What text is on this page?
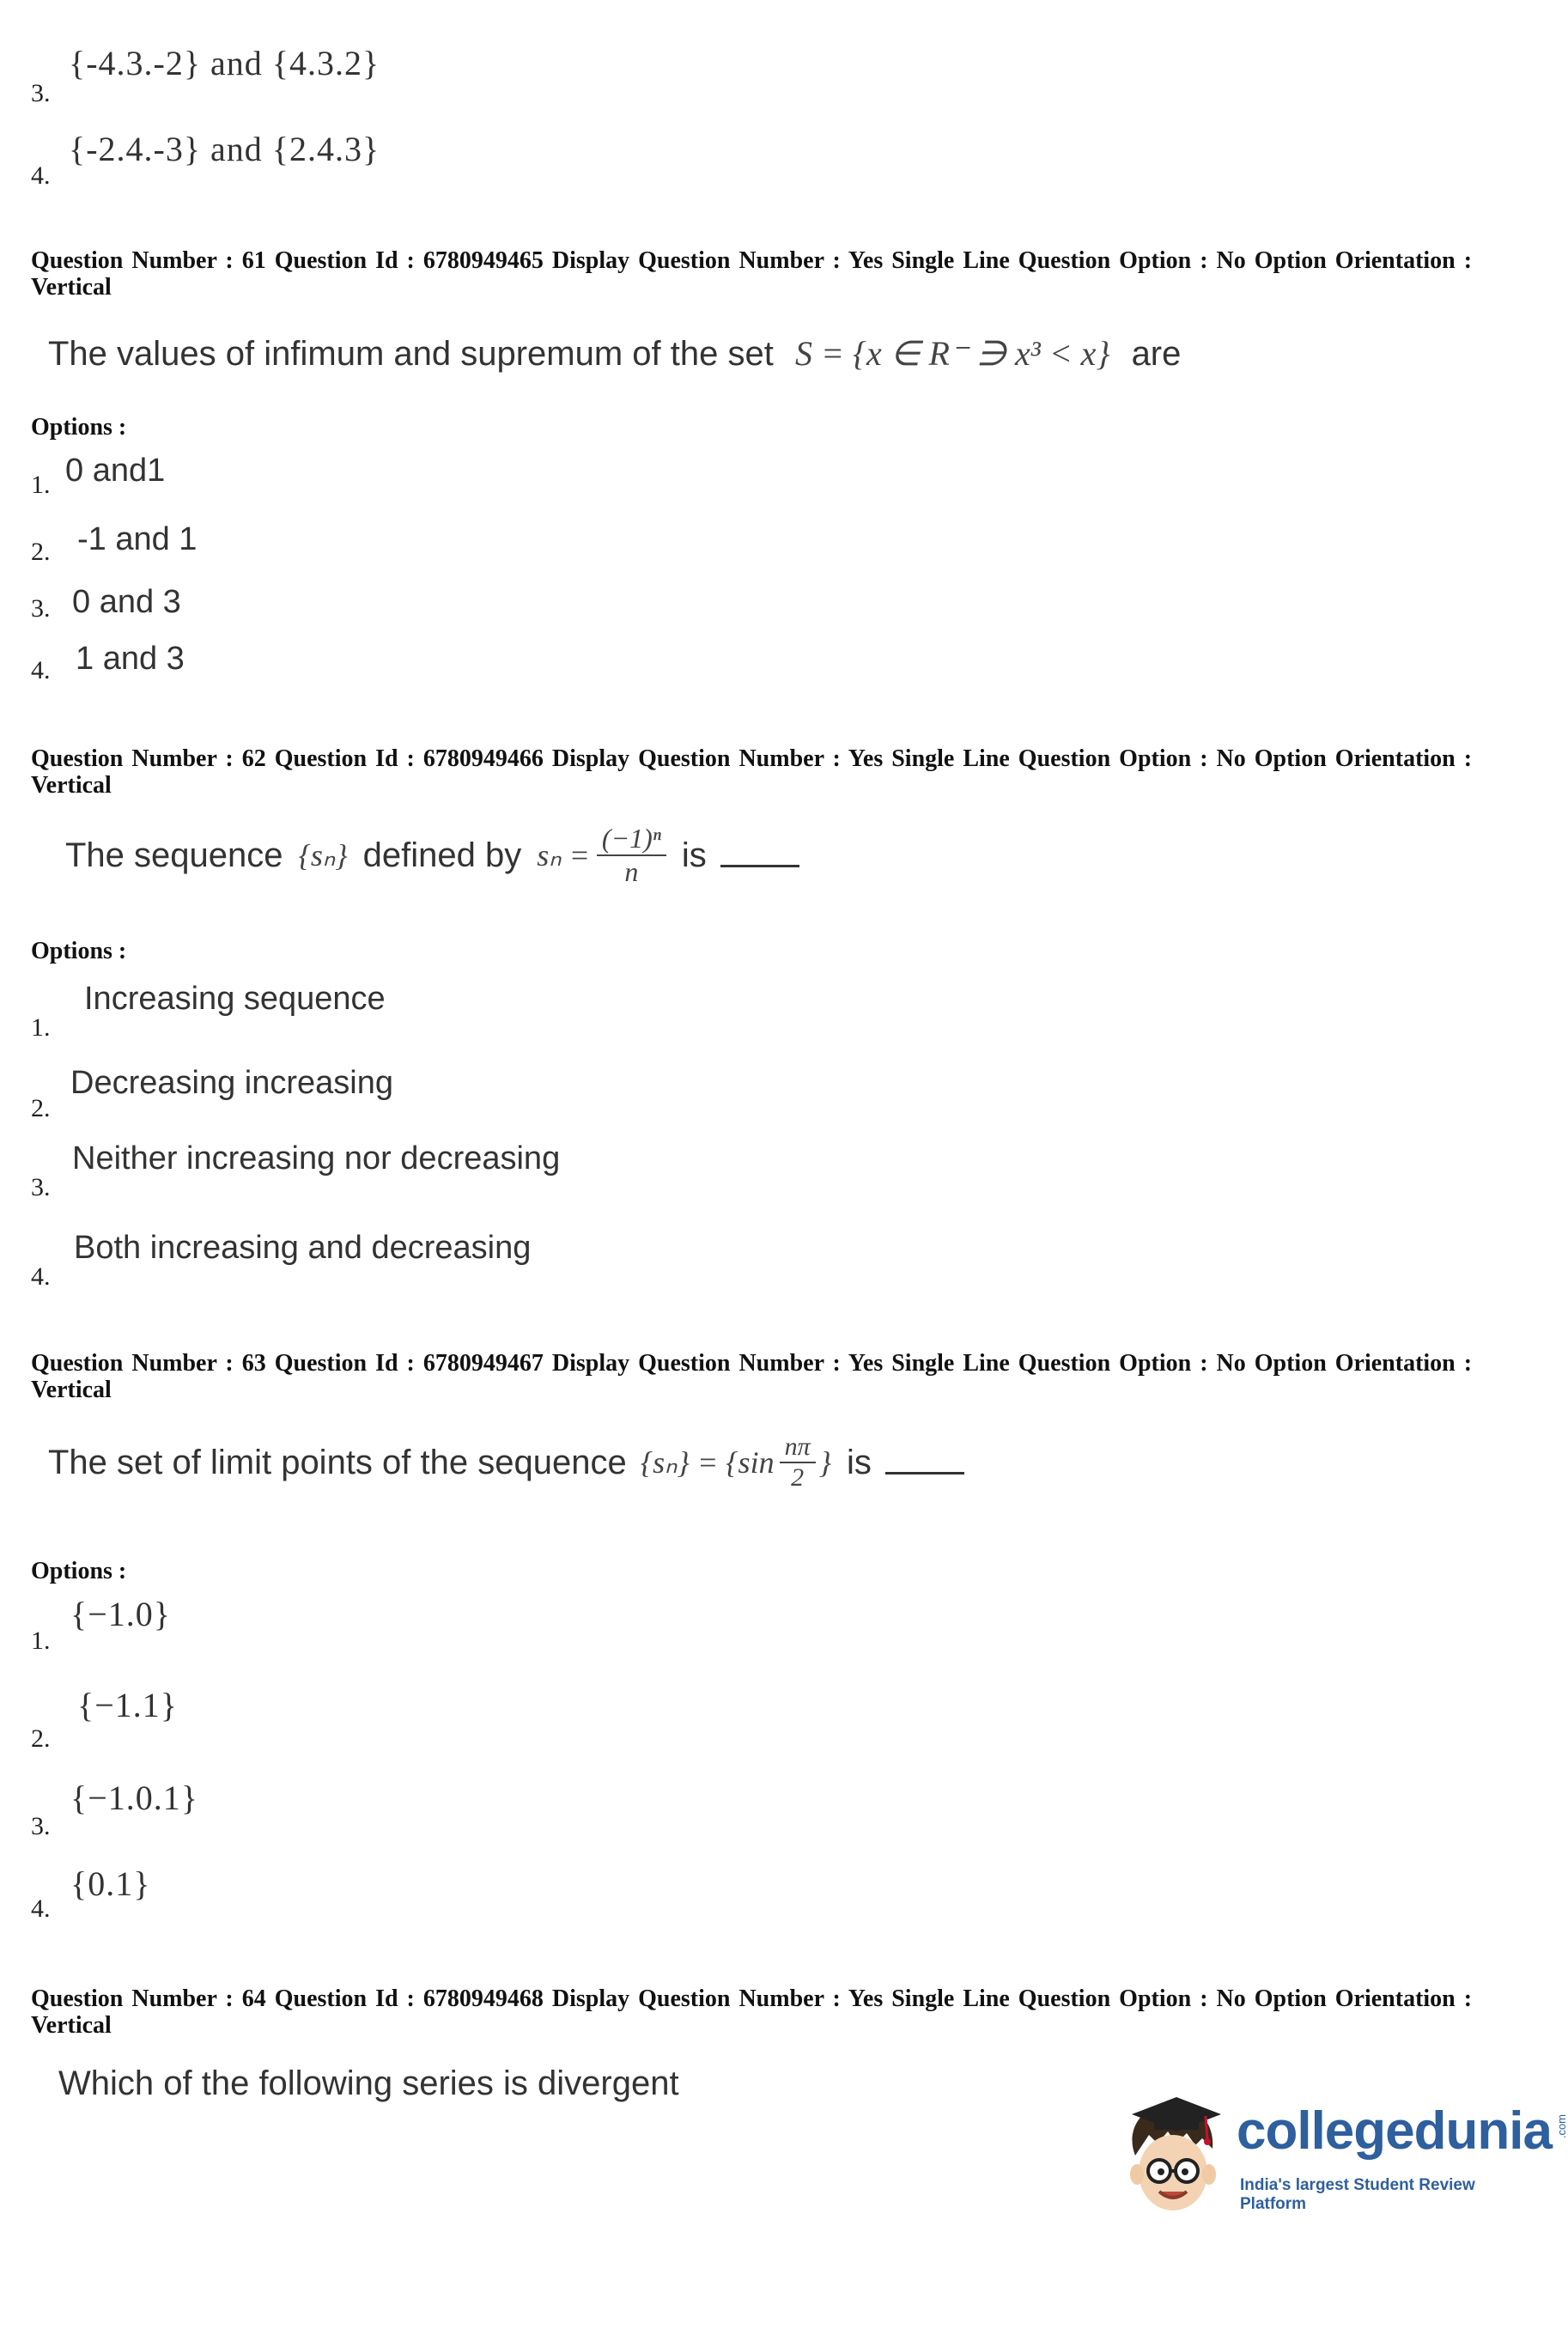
{-4.3.-2} and {4.3.2}
3.
{-2.4.-3} and {2.4.3}
4.
Question Number : 61 Question Id : 6780949465 Display Question Number : Yes Single Line Question Option : No Option Orientation : Vertical
The values of infimum and supremum of the set S = {x ∈ R⁻ ∋ x³ < x} are
Options :
1. 0 and1
2. -1 and 1
3. 0 and 3
4. 1 and 3
Question Number : 62 Question Id : 6780949466 Display Question Number : Yes Single Line Question Option : No Option Orientation : Vertical
The sequence {sₙ} defined by $s_n = \frac{\text{(−1)ⁿ}}{n}$ is
Options :
1.
Increasing sequence
2.
Decreasing increasing
3.
Neither increasing nor decreasing
4.
Both increasing and decreasing
Question Number : 63 Question Id : 6780949467 Display Question Number : Yes Single Line Question Option : No Option Orientation : Vertical
The set of limit points of the sequence $\{s_n\} = \{\sin \frac{n\pi}{2}$ } is
Options :
1.
{−1.0}
2.
{−1.1}
3.
{−1.0.1}
4.
{0.1}
Question Number : 64 Question Id : 6780949468 Display Question Number : Yes Single Line Question Option : No Option Orientation : Vertical
Which of the following series is divergent
collegedunia .com
India's largest Student Review Platform
